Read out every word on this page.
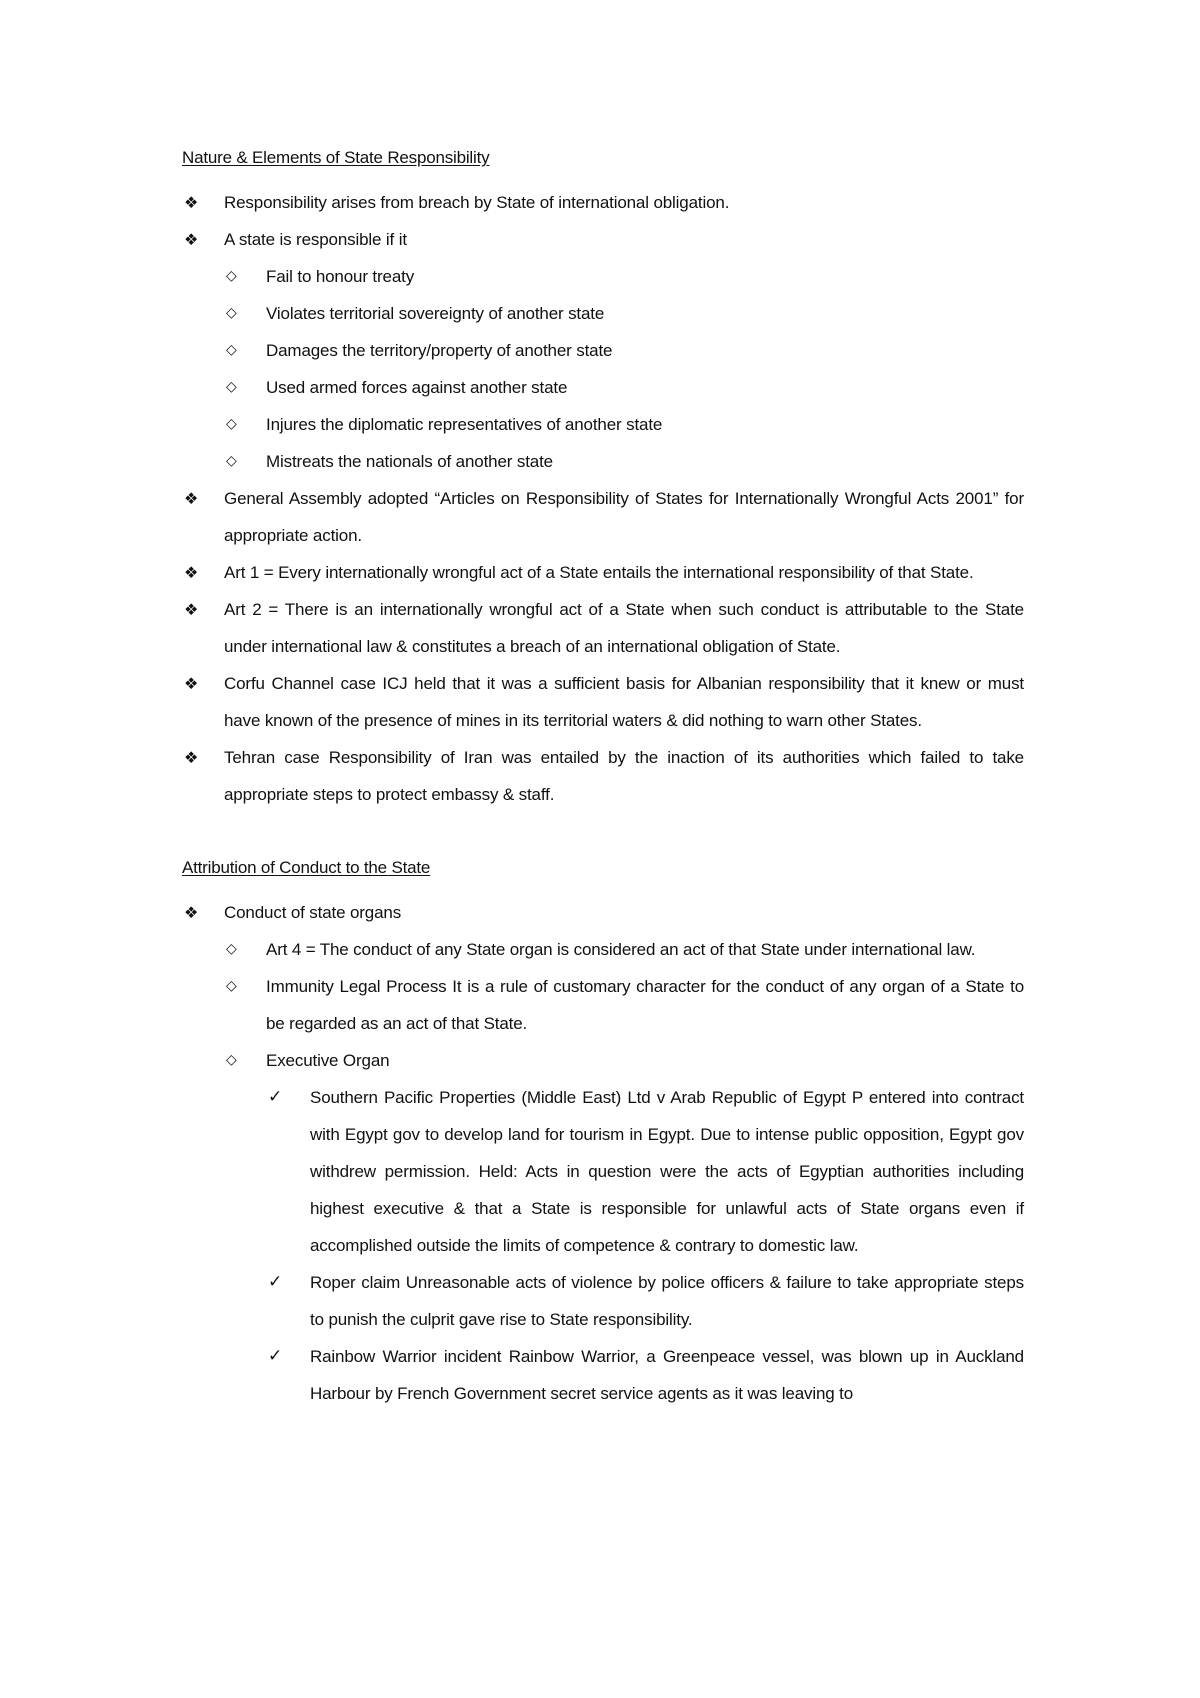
Nature & Elements of State Responsibility
❖ Responsibility arises from breach by State of international obligation.
❖ A state is responsible if it
◇ Fail to honour treaty
◇ Violates territorial sovereignty of another state
◇ Damages the territory/property of another state
◇ Used armed forces against another state
◇ Injures the diplomatic representatives of another state
◇ Mistreats the nationals of another state
❖ General Assembly adopted “Articles on Responsibility of States for Internationally Wrongful Acts 2001” for appropriate action.
❖ Art 1 = Every internationally wrongful act of a State entails the international responsibility of that State.
❖ Art 2 = There is an internationally wrongful act of a State when such conduct is attributable to the State under international law & constitutes a breach of an international obligation of State.
❖ Corfu Channel case ICJ held that it was a sufficient basis for Albanian responsibility that it knew or must have known of the presence of mines in its territorial waters & did nothing to warn other States.
❖ Tehran case Responsibility of Iran was entailed by the inaction of its authorities which failed to take appropriate steps to protect embassy & staff.
Attribution of Conduct to the State
❖ Conduct of state organs
◇ Art 4 = The conduct of any State organ is considered an act of that State under international law.
◇ Immunity Legal Process It is a rule of customary character for the conduct of any organ of a State to be regarded as an act of that State.
◇ Executive Organ
✓ Southern Pacific Properties (Middle East) Ltd v Arab Republic of Egypt P entered into contract with Egypt gov to develop land for tourism in Egypt. Due to intense public opposition, Egypt gov withdrew permission. Held: Acts in question were the acts of Egyptian authorities including highest executive & that a State is responsible for unlawful acts of State organs even if accomplished outside the limits of competence & contrary to domestic law.
✓ Roper claim Unreasonable acts of violence by police officers & failure to take appropriate steps to punish the culprit gave rise to State responsibility.
✓ Rainbow Warrior incident Rainbow Warrior, a Greenpeace vessel, was blown up in Auckland Harbour by French Government secret service agents as it was leaving to
